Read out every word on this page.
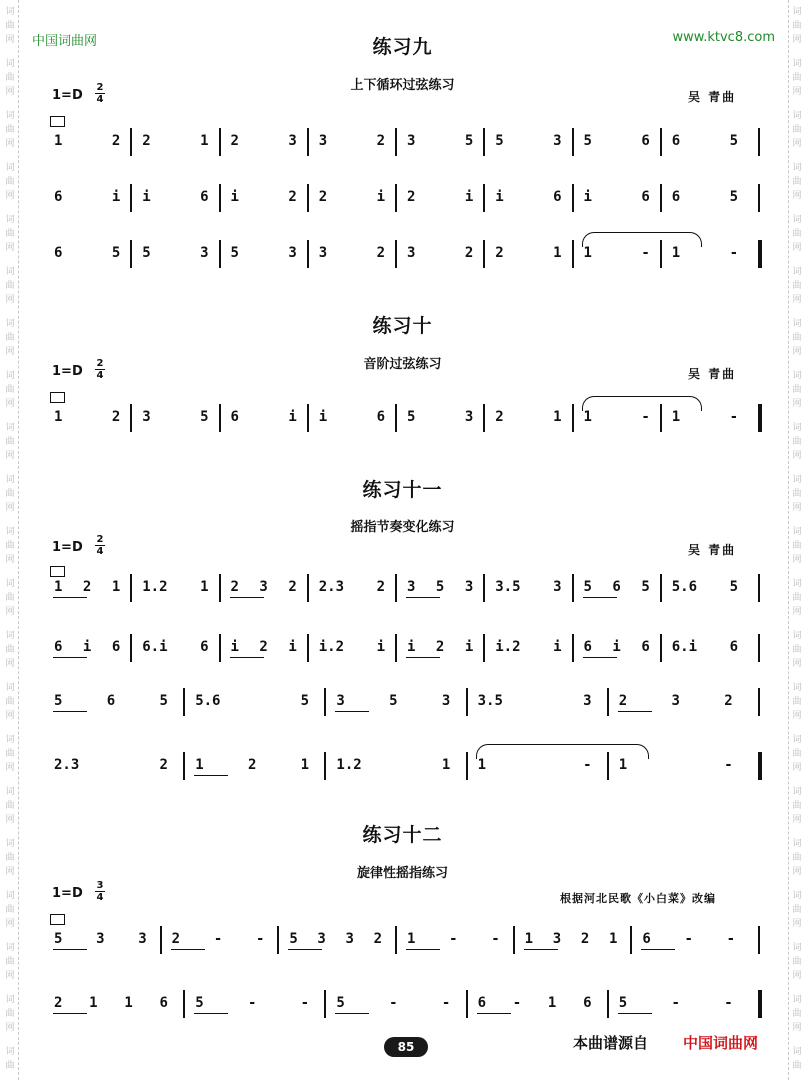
词
曲
网
词
曲
网
词
曲
网
词
曲
网
词
曲
网
词
曲
网
词
曲
网
词
曲
网
词
曲
网
词
曲
网
词
曲
网
词
曲
网
词
曲
网
词
曲
网
词
曲
网
词
曲
网
词
曲
网
词
曲
网
词
曲
网
词
曲
网
词
曲
词
曲
网
词
曲
网
词
曲
网
词
曲
网
词
曲
网
词
曲
网
词
曲
网
词
曲
网
词
曲
网
词
曲
网
词
曲
网
词
曲
网
词
曲
网
词
曲
网
词
曲
网
词
曲
网
词
曲
网
词
曲
网
词
曲
网
词
曲
网
词
曲
中国词曲网	www.ktvc8.com
练习九
上下循环过弦练习
1=D
2
4	吴 青曲
1	2 2	1 2	3 3	2 3	5 5	3 5	6 6	5
6	i i	6 i	2 2	i 2	i i	6 i	6 6	5
6	5 5	3 5	3 3	2 3	2 2	1 1	- 1	-
练习十
音阶过弦练习
1=D
2
4	吴 青曲
1	2 3	5 6	i i	6 5	3 2	1 1	- 1	-
练习十一
摇指节奏变化练习
1=D
2
4	吴 青曲
1 2 1 1.2 1 2 3 2 2.3 2 3 5 3 3.5 3 5 6 5 5.6 5
6 i 6 6.i 6 i 2 i i.2 i i 2 i i.2 i 6 i 6 6.i 6
5	6	5 5.6	5 3	5	3 3.5	3 2	3	2
2.3	2 1	2	1 1.2	1 1	- 1	-
练习十二
旋律性摇指练习
1=D
3
4	根据河北民歌《小白菜》改编
5 3 3 2 - - 5 3 3 2 1 - - 1 3 2 1 6 - -
2 1 1 6 5	-	- 5	-	- 6 - 1 6 5	-	-
85	本曲谱源自 中国词曲网
